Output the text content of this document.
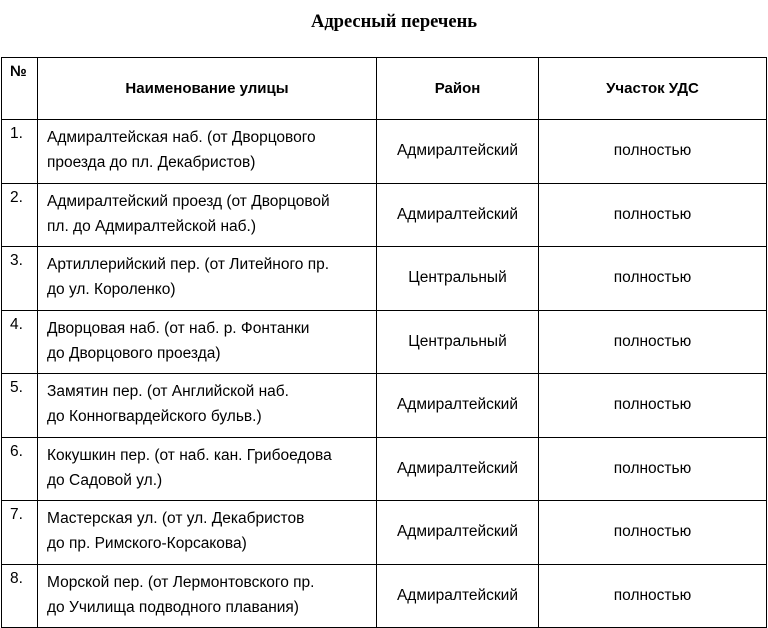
Адресный перечень
№	Наименование улицы	Район	Участок УДС
1.	Адмиралтейская наб. (от Дворцового
проезда до пл. Декабристов)	Адмиралтейский	полностью
2.	Адмиралтейский проезд (от Дворцовой
пл. до Адмиралтейской наб.)	Адмиралтейский	полностью
3.	Артиллерийский пер. (от Литейного пр.
до ул. Короленко)	Центральный	полностью
4.	Дворцовая наб. (от наб. р. Фонтанки
до Дворцового проезда)	Центральный	полностью
5.	Замятин пер. (от Английской наб.
до Конногвардейского бульв.)	Адмиралтейский	полностью
6.	Кокушкин пер. (от наб. кан. Грибоедова
до Садовой ул.)	Адмиралтейский	полностью
7.	Мастерская ул. (от ул. Декабристов
до пр. Римского-Корсакова)	Адмиралтейский	полностью
8.	Морской пер. (от Лермонтовского пр.
до Училища подводного плавания)	Адмиралтейский	полностью
